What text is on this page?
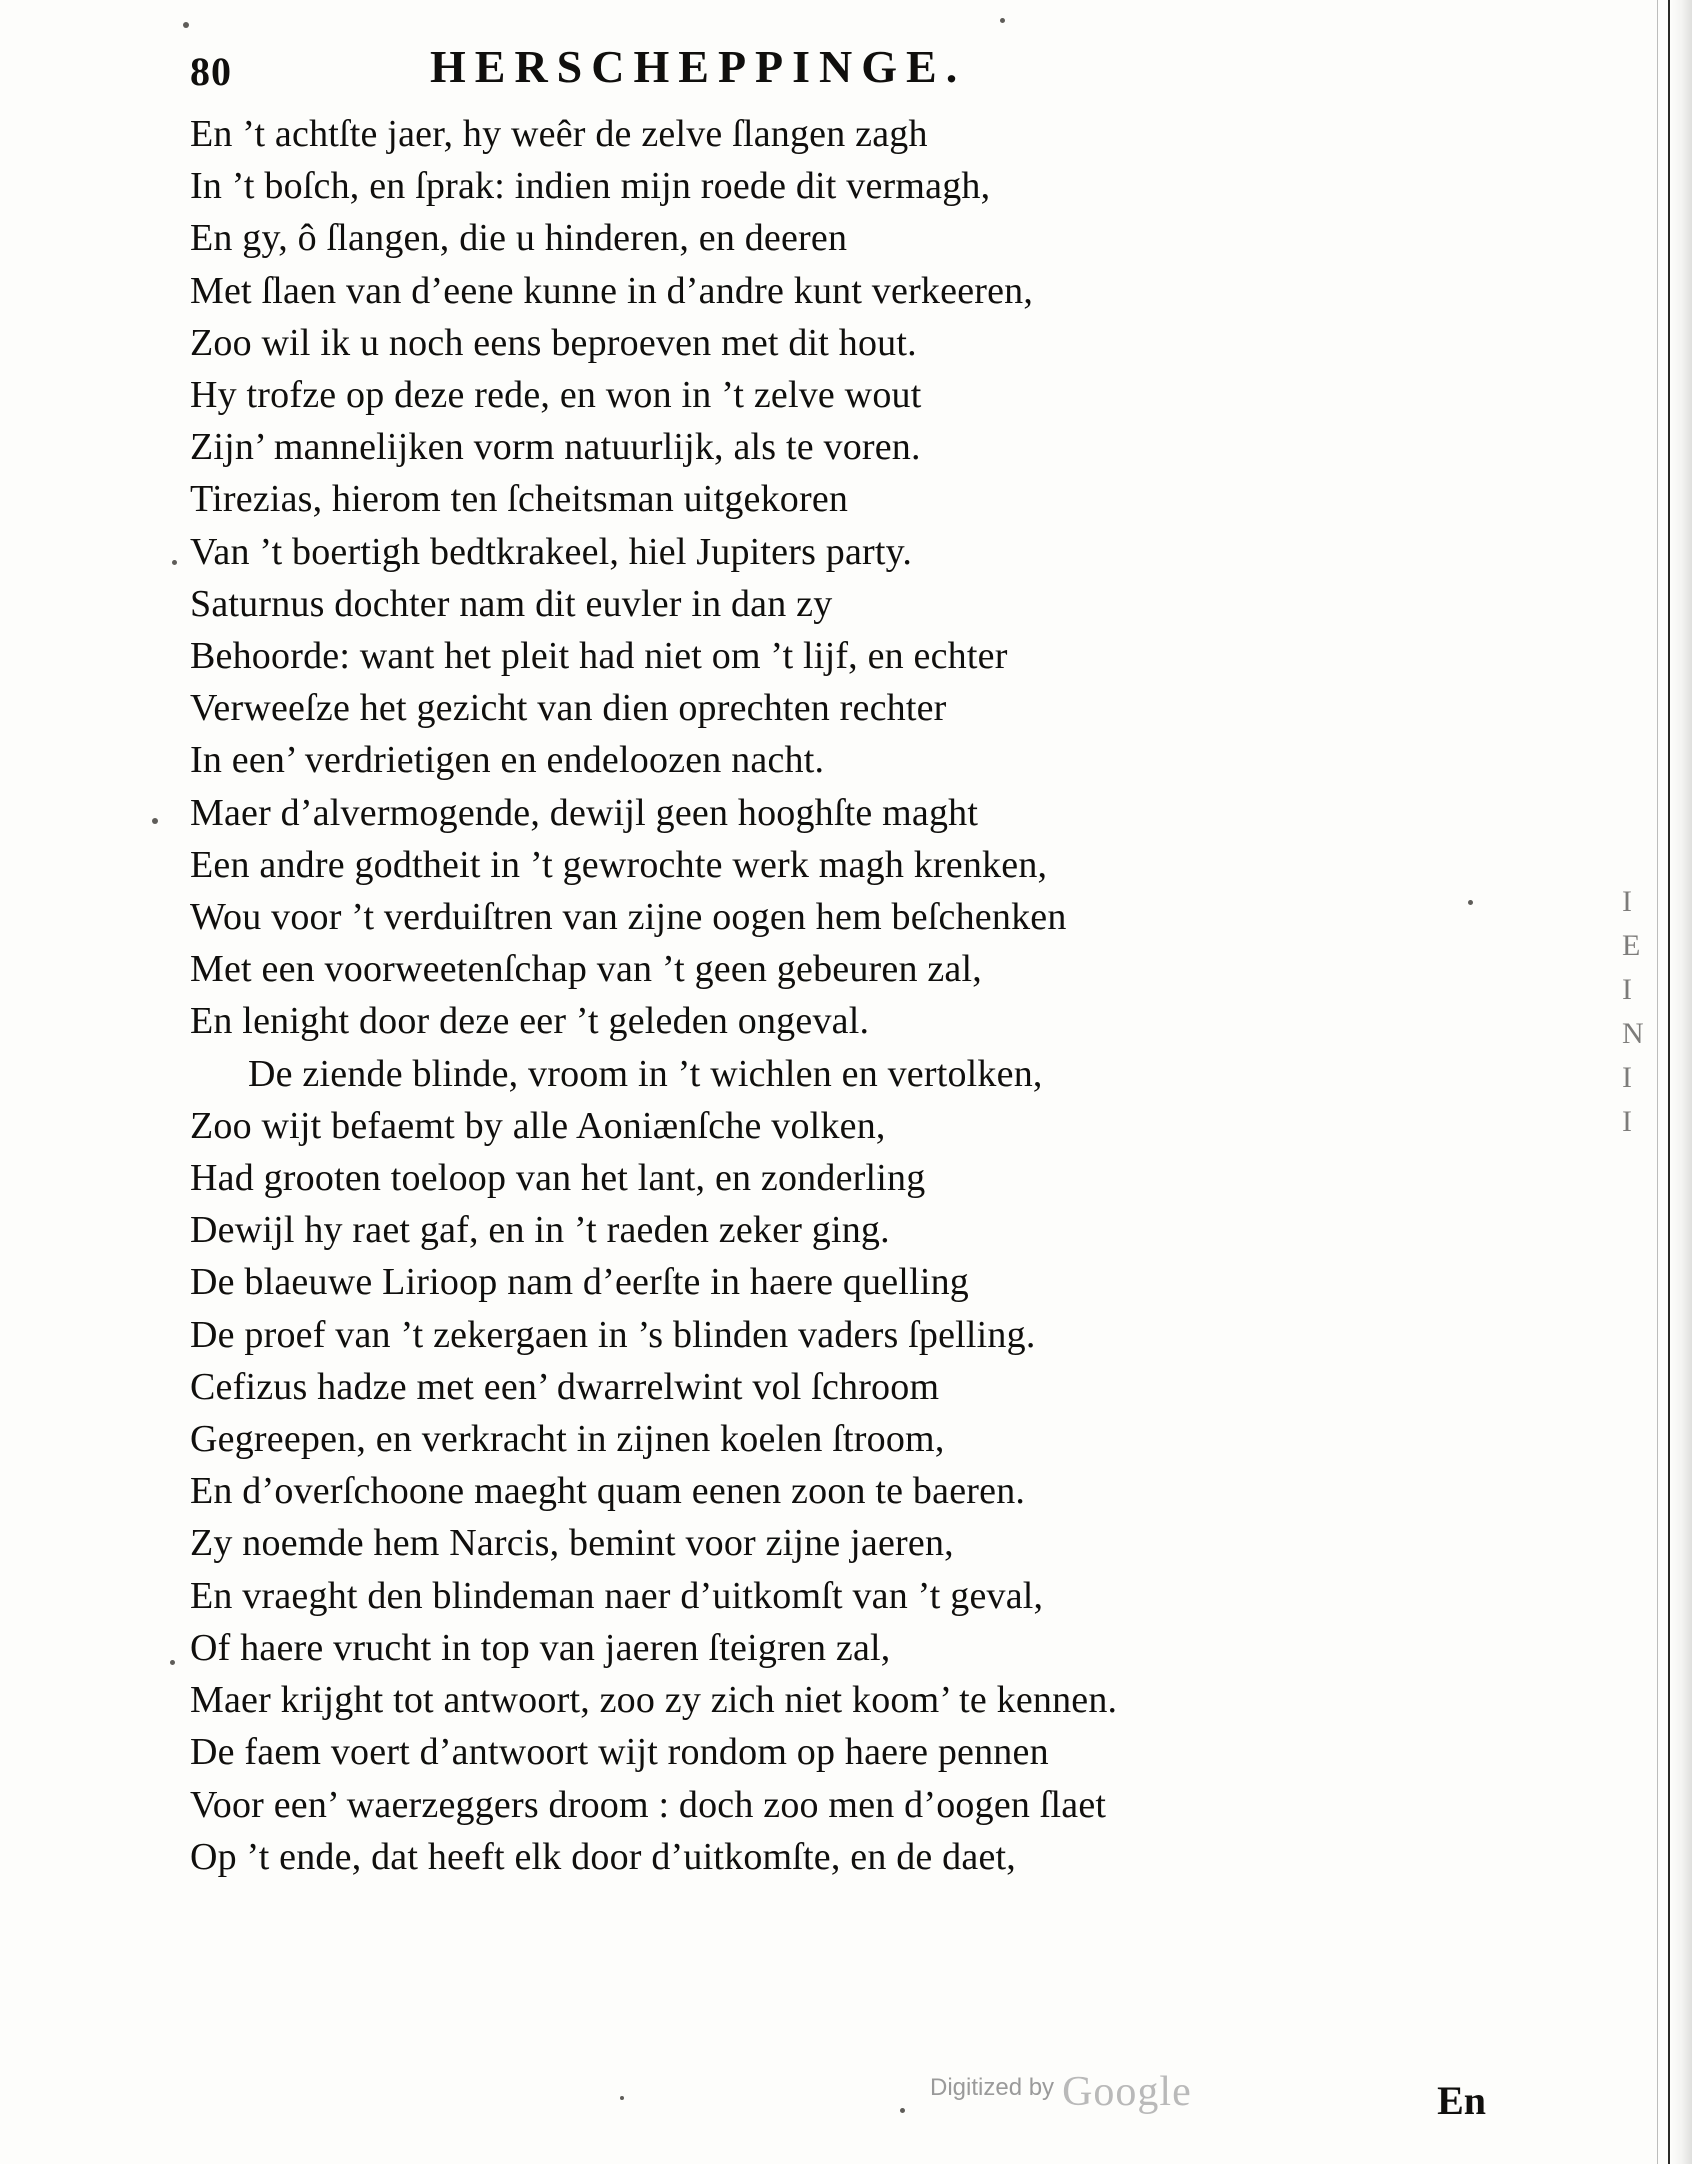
80	HERSCHEPPINGE.
En ’t achtſte jaer, hy weêr de zelve ſlangen zagh
In ’t boſch, en ſprak: indien mijn roede dit vermagh,
En gy, ô ſlangen, die u hinderen, en deeren
Met ſlaen van d’eene kunne in d’andre kunt verkeeren,
Zoo wil ik u noch eens beproeven met dit hout.
Hy trofze op deze rede, en won in ’t zelve wout
Zijn’ mannelijken vorm natuurlijk, als te voren.
Tirezias, hierom ten ſcheitsman uitgekoren
Van ’t boertigh bedtkrakeel, hiel Jupiters party.
Saturnus dochter nam dit euvler in dan zy
Behoorde: want het pleit had niet om ’t lijf, en echter
Verweeſze het gezicht van dien oprechten rechter
In een’ verdrietigen en endeloozen nacht.
Maer d’alvermogende, dewijl geen hooghſte maght
Een andre godtheit in ’t gewrochte werk magh krenken,
Wou voor ’t verduiſtren van zijne oogen hem beſchenken
Met een voorweetenſchap van ’t geen gebeuren zal,
En lenight door deze eer ’t geleden ongeval.
De ziende blinde, vroom in ’t wichlen en vertolken,
Zoo wijt befaemt by alle Aoniænſche volken,
Had grooten toeloop van het lant, en zonderling
Dewijl hy raet gaf, en in ’t raeden zeker ging.
De blaeuwe Lirioop nam d’eerſte in haere quelling
De proef van ’t zekergaen in ’s blinden vaders ſpelling.
Cefizus hadze met een’ dwarrelwint vol ſchroom
Gegreepen, en verkracht in zijnen koelen ſtroom,
En d’overſchoone maeght quam eenen zoon te baeren.
Zy noemde hem Narcis, bemint voor zijne jaeren,
En vraeght den blindeman naer d’uitkomſt van ’t geval,
Of haere vrucht in top van jaeren ſteigren zal,
Maer krijght tot antwoort, zoo zy zich niet koom’ te kennen.
De faem voert d’antwoort wijt rondom op haere pennen
Voor een’ waerzeggers droom : doch zoo men d’oogen ſlaet
Op ’t ende, dat heeft elk door d’uitkomſte, en de daet,
I E I N I I
Digitized by Google	En
